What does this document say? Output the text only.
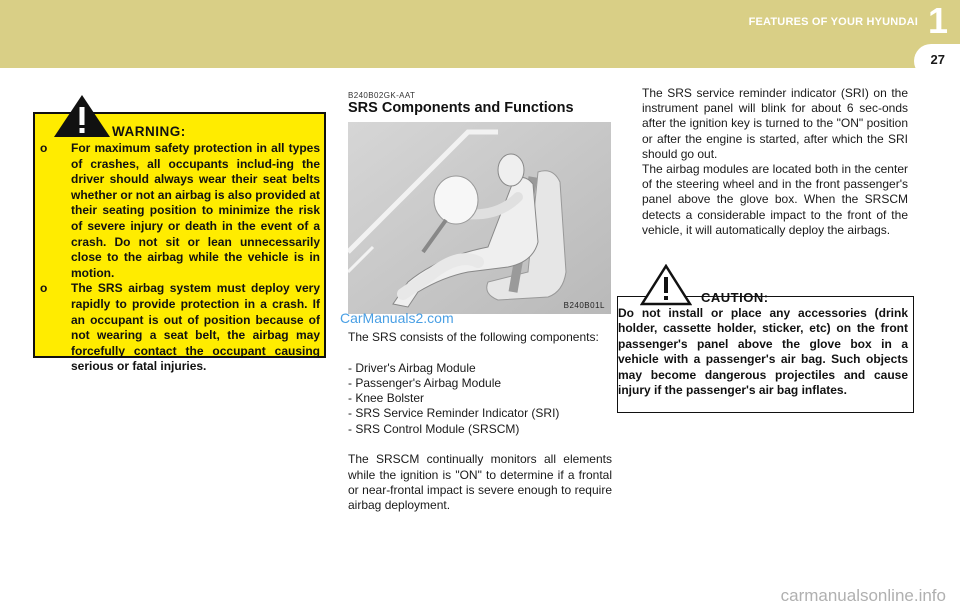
FEATURES OF YOUR HYUNDAI 1
27
WARNING:
o For maximum safety protection in all types of crashes, all occupants includ-ing the driver should always wear their seat belts whether or not an airbag is also provided at their seating position to minimize the risk of severe injury or death in the event of a crash. Do not sit or lean unnecessarily close to the airbag while the vehicle is in motion.
o The SRS airbag system must deploy very rapidly to provide protection in a crash. If an occupant is out of position because of not wearing a seat belt, the airbag may forcefully contact the occupant causing serious or fatal injuries.
B240B02GK-AAT
SRS Components and Functions
B240B01L
CarManuals2.com

The SRS consists of the following components:

- Driver's Airbag Module

- Passenger's Airbag Module

- Knee Bolster

- SRS Service Reminder Indicator (SRI)

- SRS Control Module (SRSCM)

The SRSCM continually monitors all elements while the ignition is "ON" to determine if a frontal or near-frontal impact is severe enough to require airbag deployment.

The SRS service reminder indicator (SRI) on the instrument panel will blink for about 6 sec-onds after the ignition key is turned to the "ON" position or after the engine is started, after which the SRI should go out.

The airbag modules are located both in the center of the steering wheel and in the front passenger's panel above the glove box. When the SRSCM detects a considerable impact to the front of the vehicle, it will automatically deploy the airbags.

CAUTION:

Do not install or place any accessories (drink holder, cassette holder, sticker, etc) on the front passenger's panel above the glove box in a vehicle with a passenger's air bag. Such objects may become dangerous projectiles and cause injury if the passenger's air bag inflates.

carmanualsonline.info
